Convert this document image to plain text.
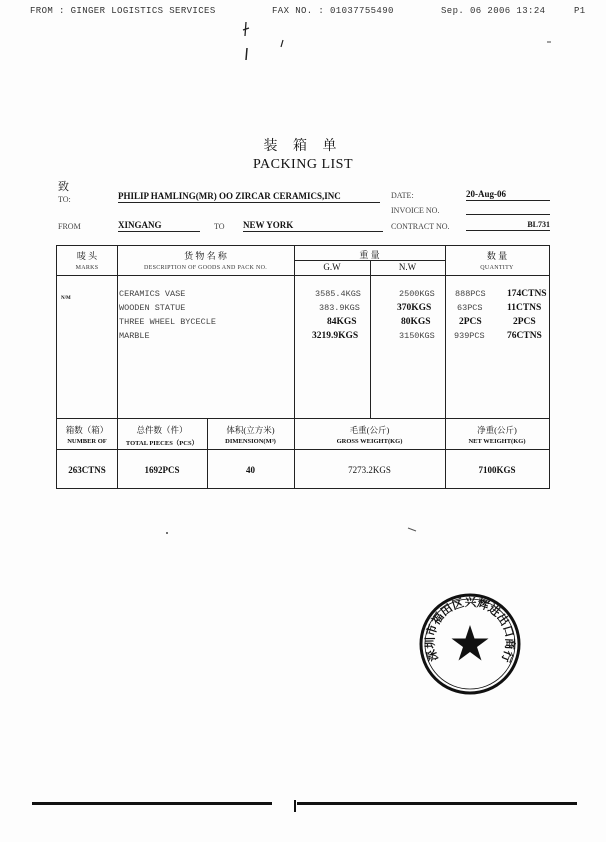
FROM : GINGER LOGISTICS SERVICES	FAX NO. : 01037755490	Sep. 06 2006 13:24	P1
装 箱 单
PACKING LIST
致
TO:	PHILIP HAMLING(MR) OO ZIRCAR CERAMICS,INC
FROM	XINGANG	TO NEW YORK
DATE:	20-Aug-06
INVOICE NO.
CONTRACT NO.	BL731
唛 头
MARKS
货 物 名 称
DESCRIPTION OF GOODS AND PACK NO.
重 量
G.W	N.W
数 量
QUANTITY
N/M	CERAMICS VASE	3585.4KGS	2500KGS 888PCS 174CTNS
WOODEN STATUE	383.9KGS	370KGS	63PCS	11CTNS
THREE WHEEL BYCECLE	84KGS	80KGS	2PCS	2PCS
MARBLE	3219.9KGS	3150KGS 939PCS 76CTNS
箱数（箱）
NUMBER OF
总件数（件）
TOTAL PIECES（PCS）
体积(立方米)
DIMENSION(M³)
毛重(公斤)
GROSS WEIGHT(KG)
净重(公斤)
NET WEIGHT(KG)
263CTNS	1692PCS	40	7273.2KGS	7100KGS
深圳市福田区兴辉进出口商行
